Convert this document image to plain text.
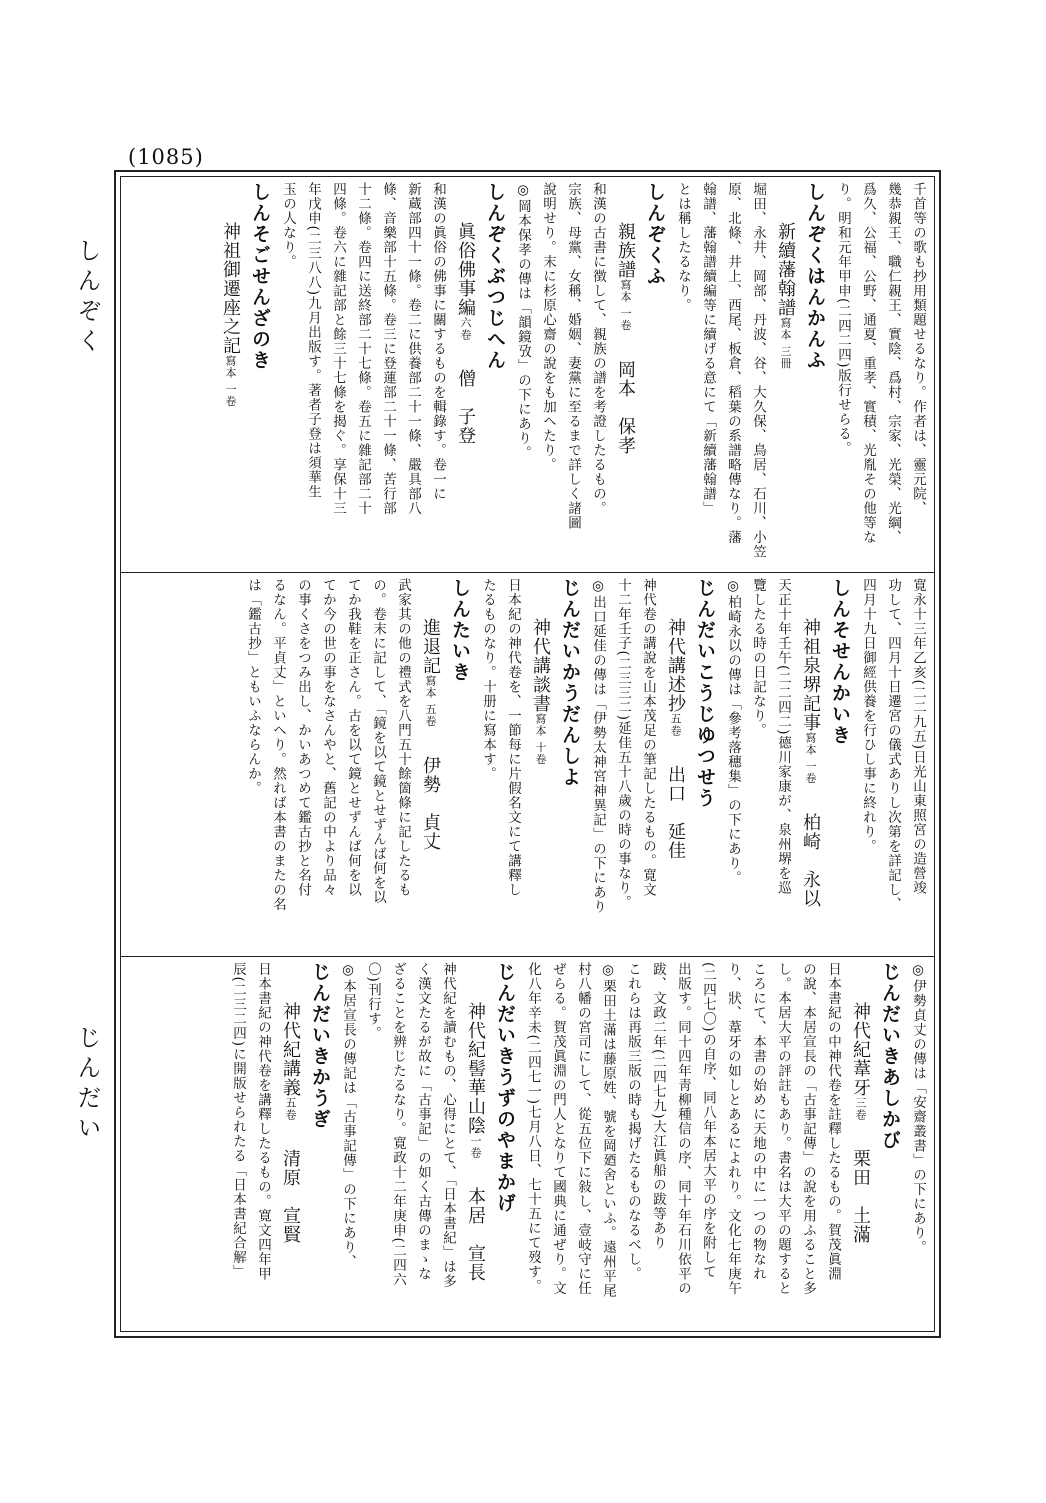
(1085)
しんぞく
じんだい
千首等の歌も抄用類題せるなり。作者は、靈元院、
幾恭親王、職仁親王、實陰、爲村、宗家、光榮、光綱、
爲久、公福、公野、通夏、重孝、實積、光胤その他等な
り。明和元年甲申(二四二四)版行せらる。
しんぞくはんかんふ
新續藩翰譜寫本 三冊
堀田、永井、岡部、丹波、谷、大久保、鳥居、石川、小笠
原、北條、井上、西尾、板倉、稻葉の系譜略傳なり。藩
翰譜、藩翰譜續編等に續げる意にて「新續藩翰譜」
とは稱したるなり。
しんぞくふ
親族譜寫本 一卷岡本　保孝
和漢の古書に徴して、親族の譜を考證したるもの。
宗族、母黨、女稱、婚姻、妻黨に至るまで詳しく諸圖
說明せり。末に杉原心齋の說をも加へたり。
◎岡本保孝の傳は「韻鏡攷」の下にあり。
しんぞくぶつじへん
眞俗佛事編六卷僧　子登
和漢の眞俗の佛事に關するものを輯錄す。卷一に
新蔵部四十一條。卷二に供養部二十一條、嚴具部八
條、音樂部十五條。卷三に登蓮部二十一條、苦行部
十二條。卷四に送終部二十七條。卷五に雜記部二十
四條。卷六に雜記部と餘三十七條を揭ぐ。享保十三
年戊申(二三八八)九月出版す。著者子登は須華生
玉の人なり。
しんそごせんざのき
神祖御遷座之記寫本 一卷
寛永十三年乙亥(二二九五)日光山東照宮の造營竣
功して、四月十日遷宮の儀式ありし次第を詳記し、
四月十九日御經供養を行ひし事に終れり。
しんそせんかいき
神祖泉堺記事寫本 一卷柏崎　永以
天正十年壬午(二二四二)德川家康が、泉州堺を巡
覽したる時の日記なり。
◎柏崎永以の傳は「參考落穗集」の下にあり。
じんだいこうじゆつせう
神代講述抄五卷出口　延佳
神代卷の講說を山本茂足の筆記したるもの。寛文
十二年壬子(二三三二)延佳五十八歲の時の事なり。
◎出口延佳の傳は「伊勢太神宮神異記」の下にあり
じんだいかうだんしよ
神代講談書寫本 十卷
日本紀の神代卷を、一節每に片假名文にて講釋し
たるものなり。十册に寫本す。
しんたいき
進退記寫本 五卷伊勢　貞丈
武家其の他の禮式を八門五十餘箇條に記したるも
の。卷末に記して、「鏡を以て鏡とせずんば何を以
てか我鞋を正さん。古を以て鏡とせずんば何を以
てか今の世の事をなさんやと、舊記の中より品々
の事くさをつみ出し、かいあつめて鑑古抄と名付
るなん。平貞丈」といへり。然れば本書のまたの名
は「鑑古抄」ともいふならんか。
◎伊勢貞丈の傳は「安齋叢書」の下にあり。
じんだいきあしかび
神代紀葦牙三卷栗田　土滿
日本書紀の中神代卷を註釋したるもの。賀茂眞淵
の說、本居宣長の「古事記傳」の說を用ふること多
し。本居大平の評註もあり。書名は大平の題すると
ころにて、本書の始めに天地の中に一つの物なれ
り、狀、葦牙の如しとあるによれり。文化七年庚午
(二四七〇)の自序、同八年本居大平の序を附して
出版す。同十四年靑柳種信の序、同十年石川依平の
跋、文政二年(二四七九)大江眞船の跋等あり
これらは再版三版の時も揭げたるものなるべし。
◎栗田土滿は藤原姓、號を岡廼舍といふ。遠州平尾
村八幡の宮司にして、從五位下に敍し、壹岐守に任
ぜらる。賀茂眞淵の門人となりて國典に通ぜり。文
化八年辛未(二四七一)七月八日、七十五にて歿す。
じんだいきうずのやまかげ
神代紀髻華山陰一卷本居　宣長
神代紀を讀むもの、心得にとて、「日本書紀」は多
く漢文たるが故に「古事記」の如く古傳のまゝな
ざることを辨じたるなり。寛政十二年庚申(二四六
〇)刊行す。
◎本居宣長の傳記は「古事記傳」の下にあり、
じんだいきかうぎ
神代紀講義五卷清原　宣賢
日本書紀の神代卷を講釋したるもの。寛文四年甲
辰(二三二四)に開版せられたる「日本書紀合解」
